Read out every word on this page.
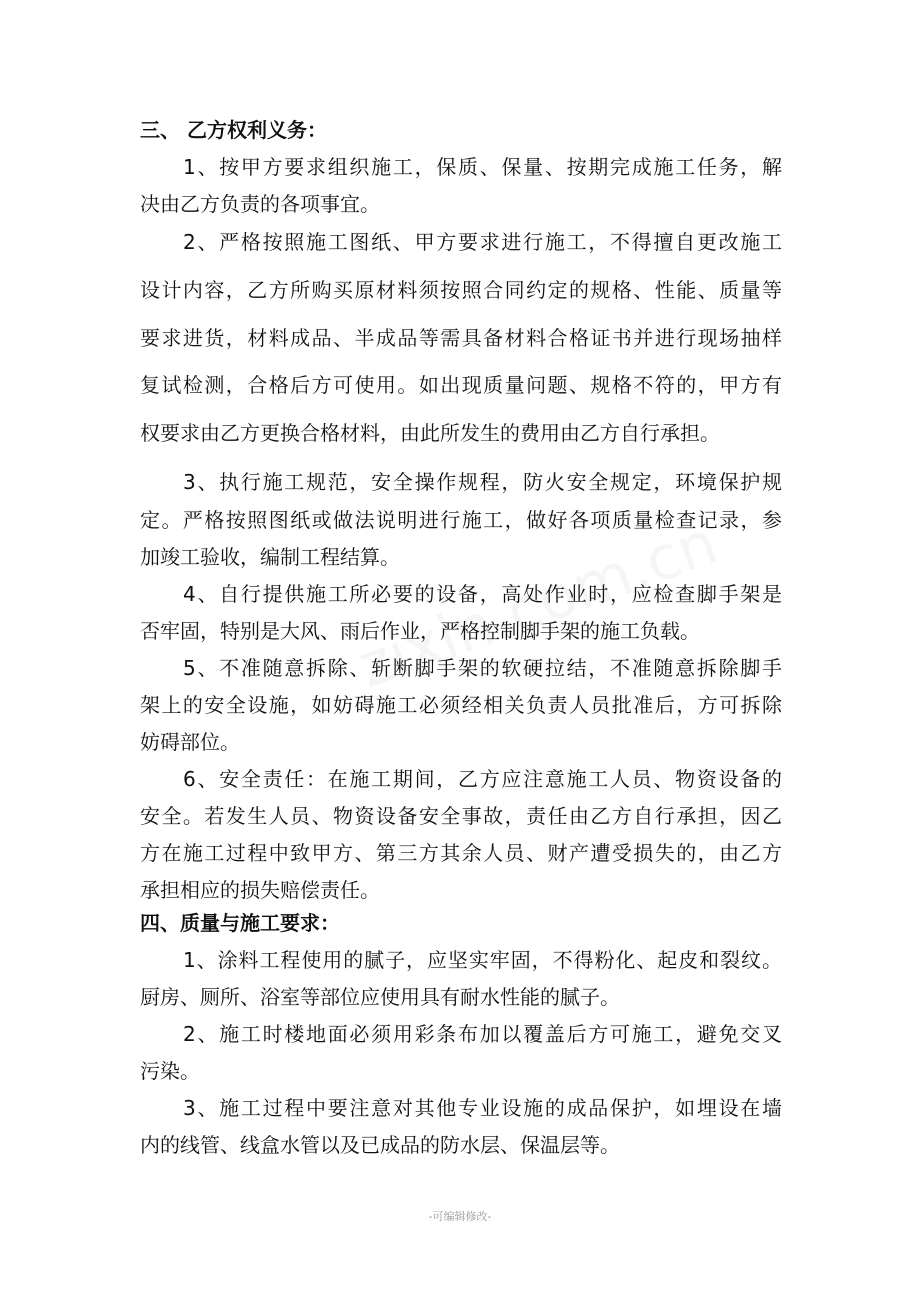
三、 乙方权利义务：
1、按甲方要求组织施工，保质、保量、按期完成施工任务，解
决由乙方负责的各项事宜。
2、严格按照施工图纸、甲方要求进行施工，不得擅自更改施工
设计内容，乙方所购买原材料须按照合同约定的规格、性能、质量等
要求进货，材料成品、半成品等需具备材料合格证书并进行现场抽样
复试检测，合格后方可使用。如出现质量问题、规格不符的，甲方有
权要求由乙方更换合格材料，由此所发生的费用由乙方自行承担。
3、执行施工规范，安全操作规程，防火安全规定，环境保护规
定。严格按照图纸或做法说明进行施工，做好各项质量检查记录，参
加竣工验收，编制工程结算。
4、自行提供施工所必要的设备，高处作业时，应检查脚手架是
否牢固，特别是大风、雨后作业，严格控制脚手架的施工负载。
5、不准随意拆除、斩断脚手架的软硬拉结，不准随意拆除脚手
架上的安全设施，如妨碍施工必须经相关负责人员批准后，方可拆除
妨碍部位。
6、安全责任：在施工期间，乙方应注意施工人员、物资设备的
安全。若发生人员、物资设备安全事故，责任由乙方自行承担，因乙
方在施工过程中致甲方、第三方其余人员、财产遭受损失的，由乙方
承担相应的损失赔偿责任。
四、质量与施工要求：
1、涂料工程使用的腻子，应坚实牢固，不得粉化、起皮和裂纹。
厨房、厕所、浴室等部位应使用具有耐水性能的腻子。
2、施工时楼地面必须用彩条布加以覆盖后方可施工，避免交叉
污染。
3、施工过程中要注意对其他专业设施的成品保护，如埋设在墙
内的线管、线盒水管以及已成品的防水层、保温层等。
-可编辑修改-
